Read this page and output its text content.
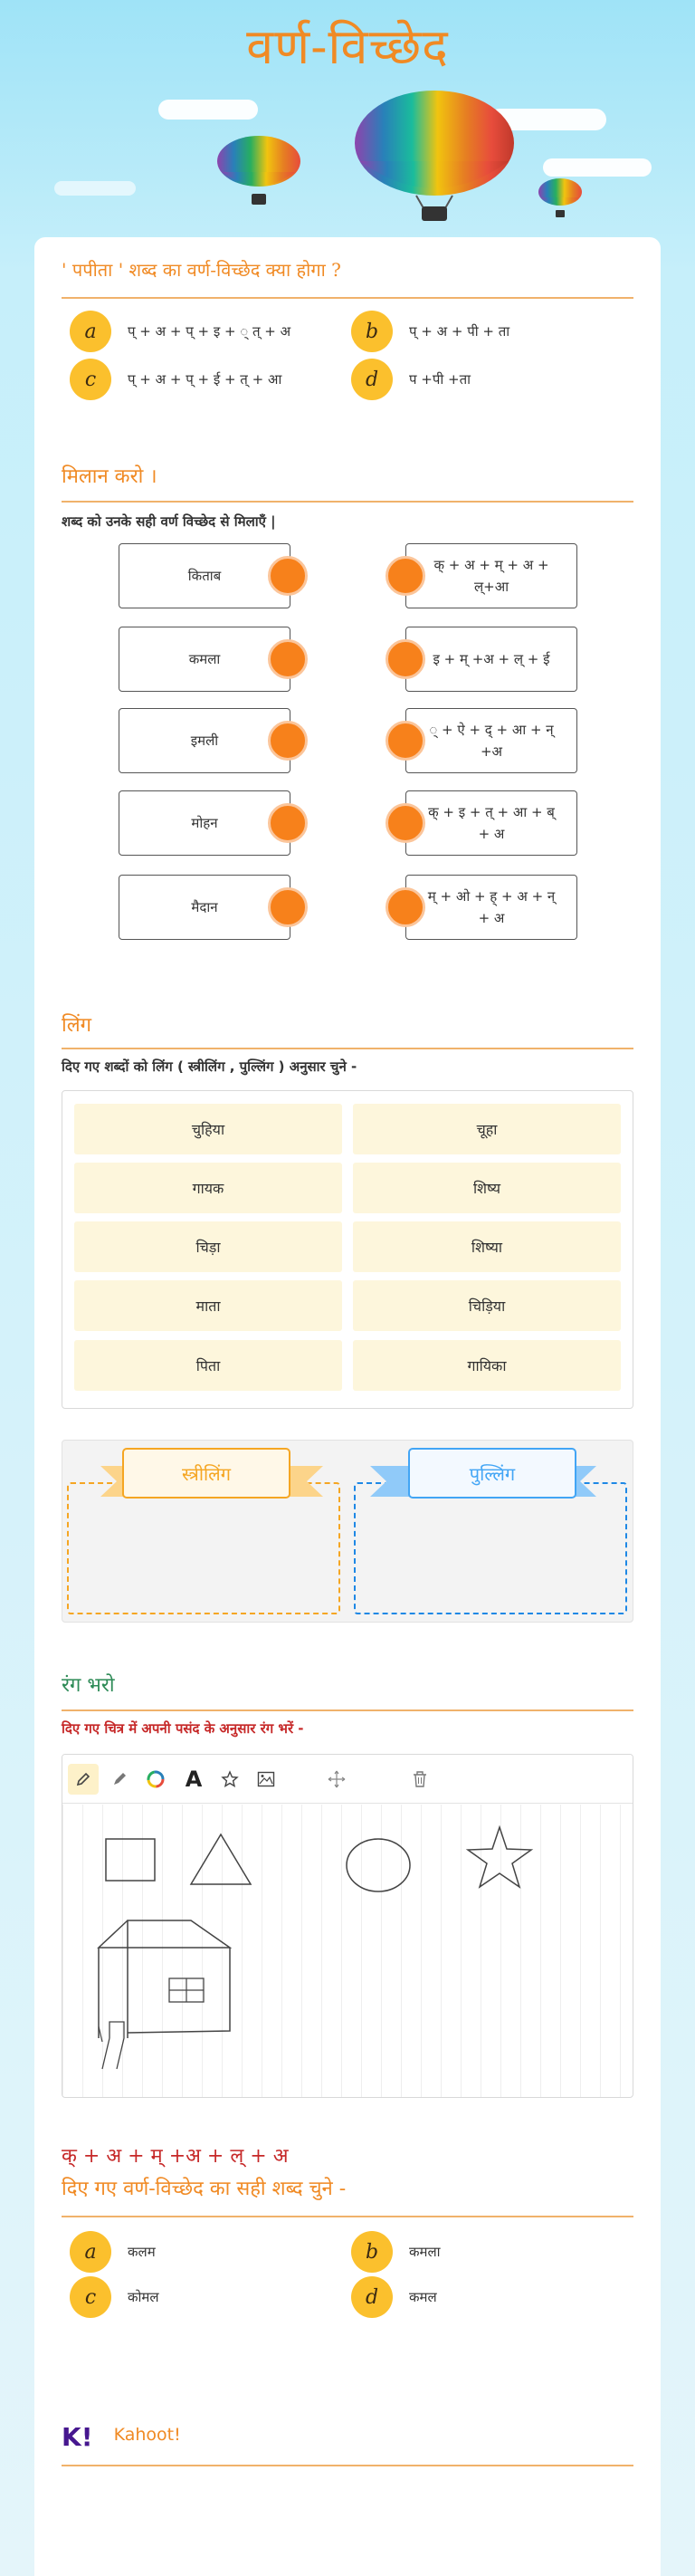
वर्ण-विच्छेद
' पपीता ' शब्द का वर्ण-विच्छेद क्या होगा ?
a	प् + अ + प् + इ + ◌् त् + अ	b	प् + अ + पी + ता
c	प् + अ + प् + ई + त् + आ	d	प +पी +ता
मिलान करो ।
शब्द को उनके सही वर्ण विच्छेद से मिलाएँ |
किताब
कमला
इमली
मोहन
मैदान
क् + अ + म् + अ + ल्+आ
इ + म् +अ + ल् + ई
् + ऐ + द् + आ + न् +अ
क् + इ + त् + आ + ब् + अ
म् + ओ + ह् + अ + न् + अ
लिंग
दिए गए शब्दों को लिंग ( स्त्रीलिंग , पुल्लिंग ) अनुसार चुने -
चुहिया	चूहा
गायक	शिष्य
चिड़ा	शिष्या
माता	चिड़िया
पिता	गायिका
स्त्रीलिंग	पुल्लिंग
रंग भरो
दिए गए चित्र में अपनी पसंद के अनुसार रंग भरें -
A
क् + अ + म् +अ + ल् + अ
दिए गए वर्ण-विच्छेद का सही शब्द चुने -
a	कलम	b	कमला
c	कोमल	d	कमल
K! Kahoot!
